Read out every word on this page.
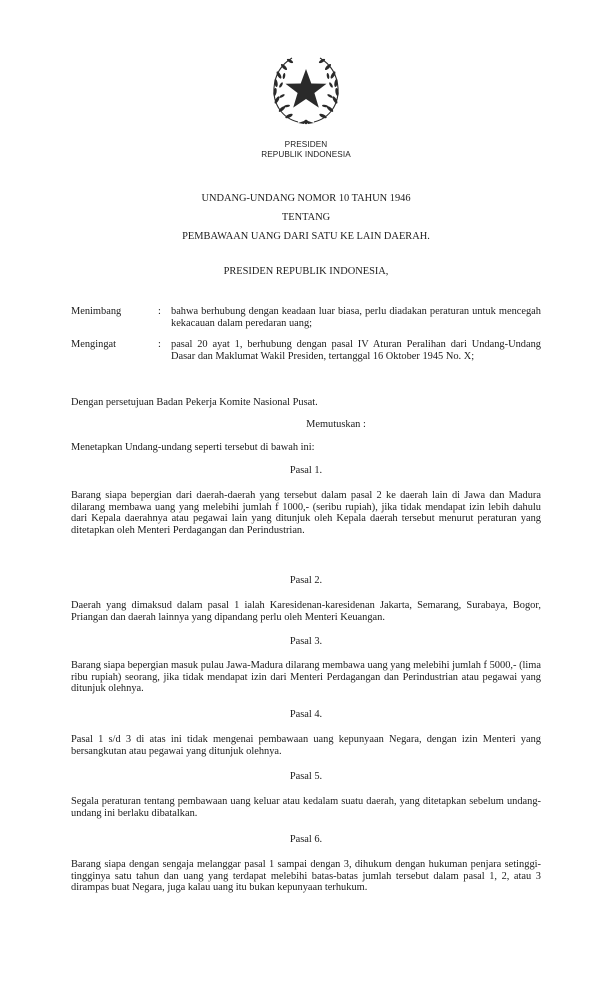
PRESIDEN
REPUBLIK INDONESIA
UNDANG-UNDANG NOMOR 10 TAHUN 1946
TENTANG
PEMBAWAAN UANG DARI SATU KE LAIN DAERAH.
PRESIDEN REPUBLIK INDONESIA,
Menimbang	: bahwa berhubung dengan keadaan luar biasa, perlu diadakan peraturan untuk mencegah kekacauan dalam peredaran uang;
Mengingat	: pasal 20 ayat 1, berhubung dengan pasal IV Aturan Peralihan dari Undang-Undang Dasar dan Maklumat Wakil Presiden, tertanggal 16 Oktober 1945 No. X;
Dengan persetujuan Badan Pekerja Komite Nasional Pusat.
Memutuskan :
Menetapkan Undang-undang seperti tersebut di bawah ini:
Pasal 1.
Barang siapa bepergian dari daerah-daerah yang tersebut dalam pasal 2 ke daerah lain di Jawa dan Madura dilarang membawa uang yang melebihi jumlah f 1000,- (seribu rupiah), jika tidak mendapat izin lebih dahulu dari Kepala daerahnya atau pegawai lain yang ditunjuk oleh Kepala daerah tersebut menurut peraturan yang ditetapkan oleh Menteri Perdagangan dan Perindustrian.
Pasal 2.
Daerah yang dimaksud dalam pasal 1 ialah Karesidenan-karesidenan Jakarta, Semarang, Surabaya, Bogor, Priangan dan daerah lainnya yang dipandang perlu oleh Menteri Keuangan.
Pasal 3.
Barang siapa bepergian masuk pulau Jawa-Madura dilarang membawa uang yang melebihi jumlah f 5000,- (lima ribu rupiah) seorang, jika tidak mendapat izin dari Menteri Perdagangan dan Perindustrian atau pegawai yang ditunjuk olehnya.
Pasal 4.
Pasal 1 s/d 3 di atas ini tidak mengenai pembawaan uang kepunyaan Negara, dengan izin Menteri yang bersangkutan atau pegawai yang ditunjuk olehnya.
Pasal 5.
Segala peraturan tentang pembawaan uang keluar atau kedalam suatu daerah, yang ditetapkan sebelum undang-undang ini berlaku dibatalkan.
Pasal 6.
Barang siapa dengan sengaja melanggar pasal 1 sampai dengan 3, dihukum dengan hukuman penjara setinggi-tingginya satu tahun dan uang yang terdapat melebihi batas-batas jumlah tersebut dalam pasal 1, 2, atau 3 dirampas buat Negara, juga kalau uang itu bukan kepunyaan terhukum.
